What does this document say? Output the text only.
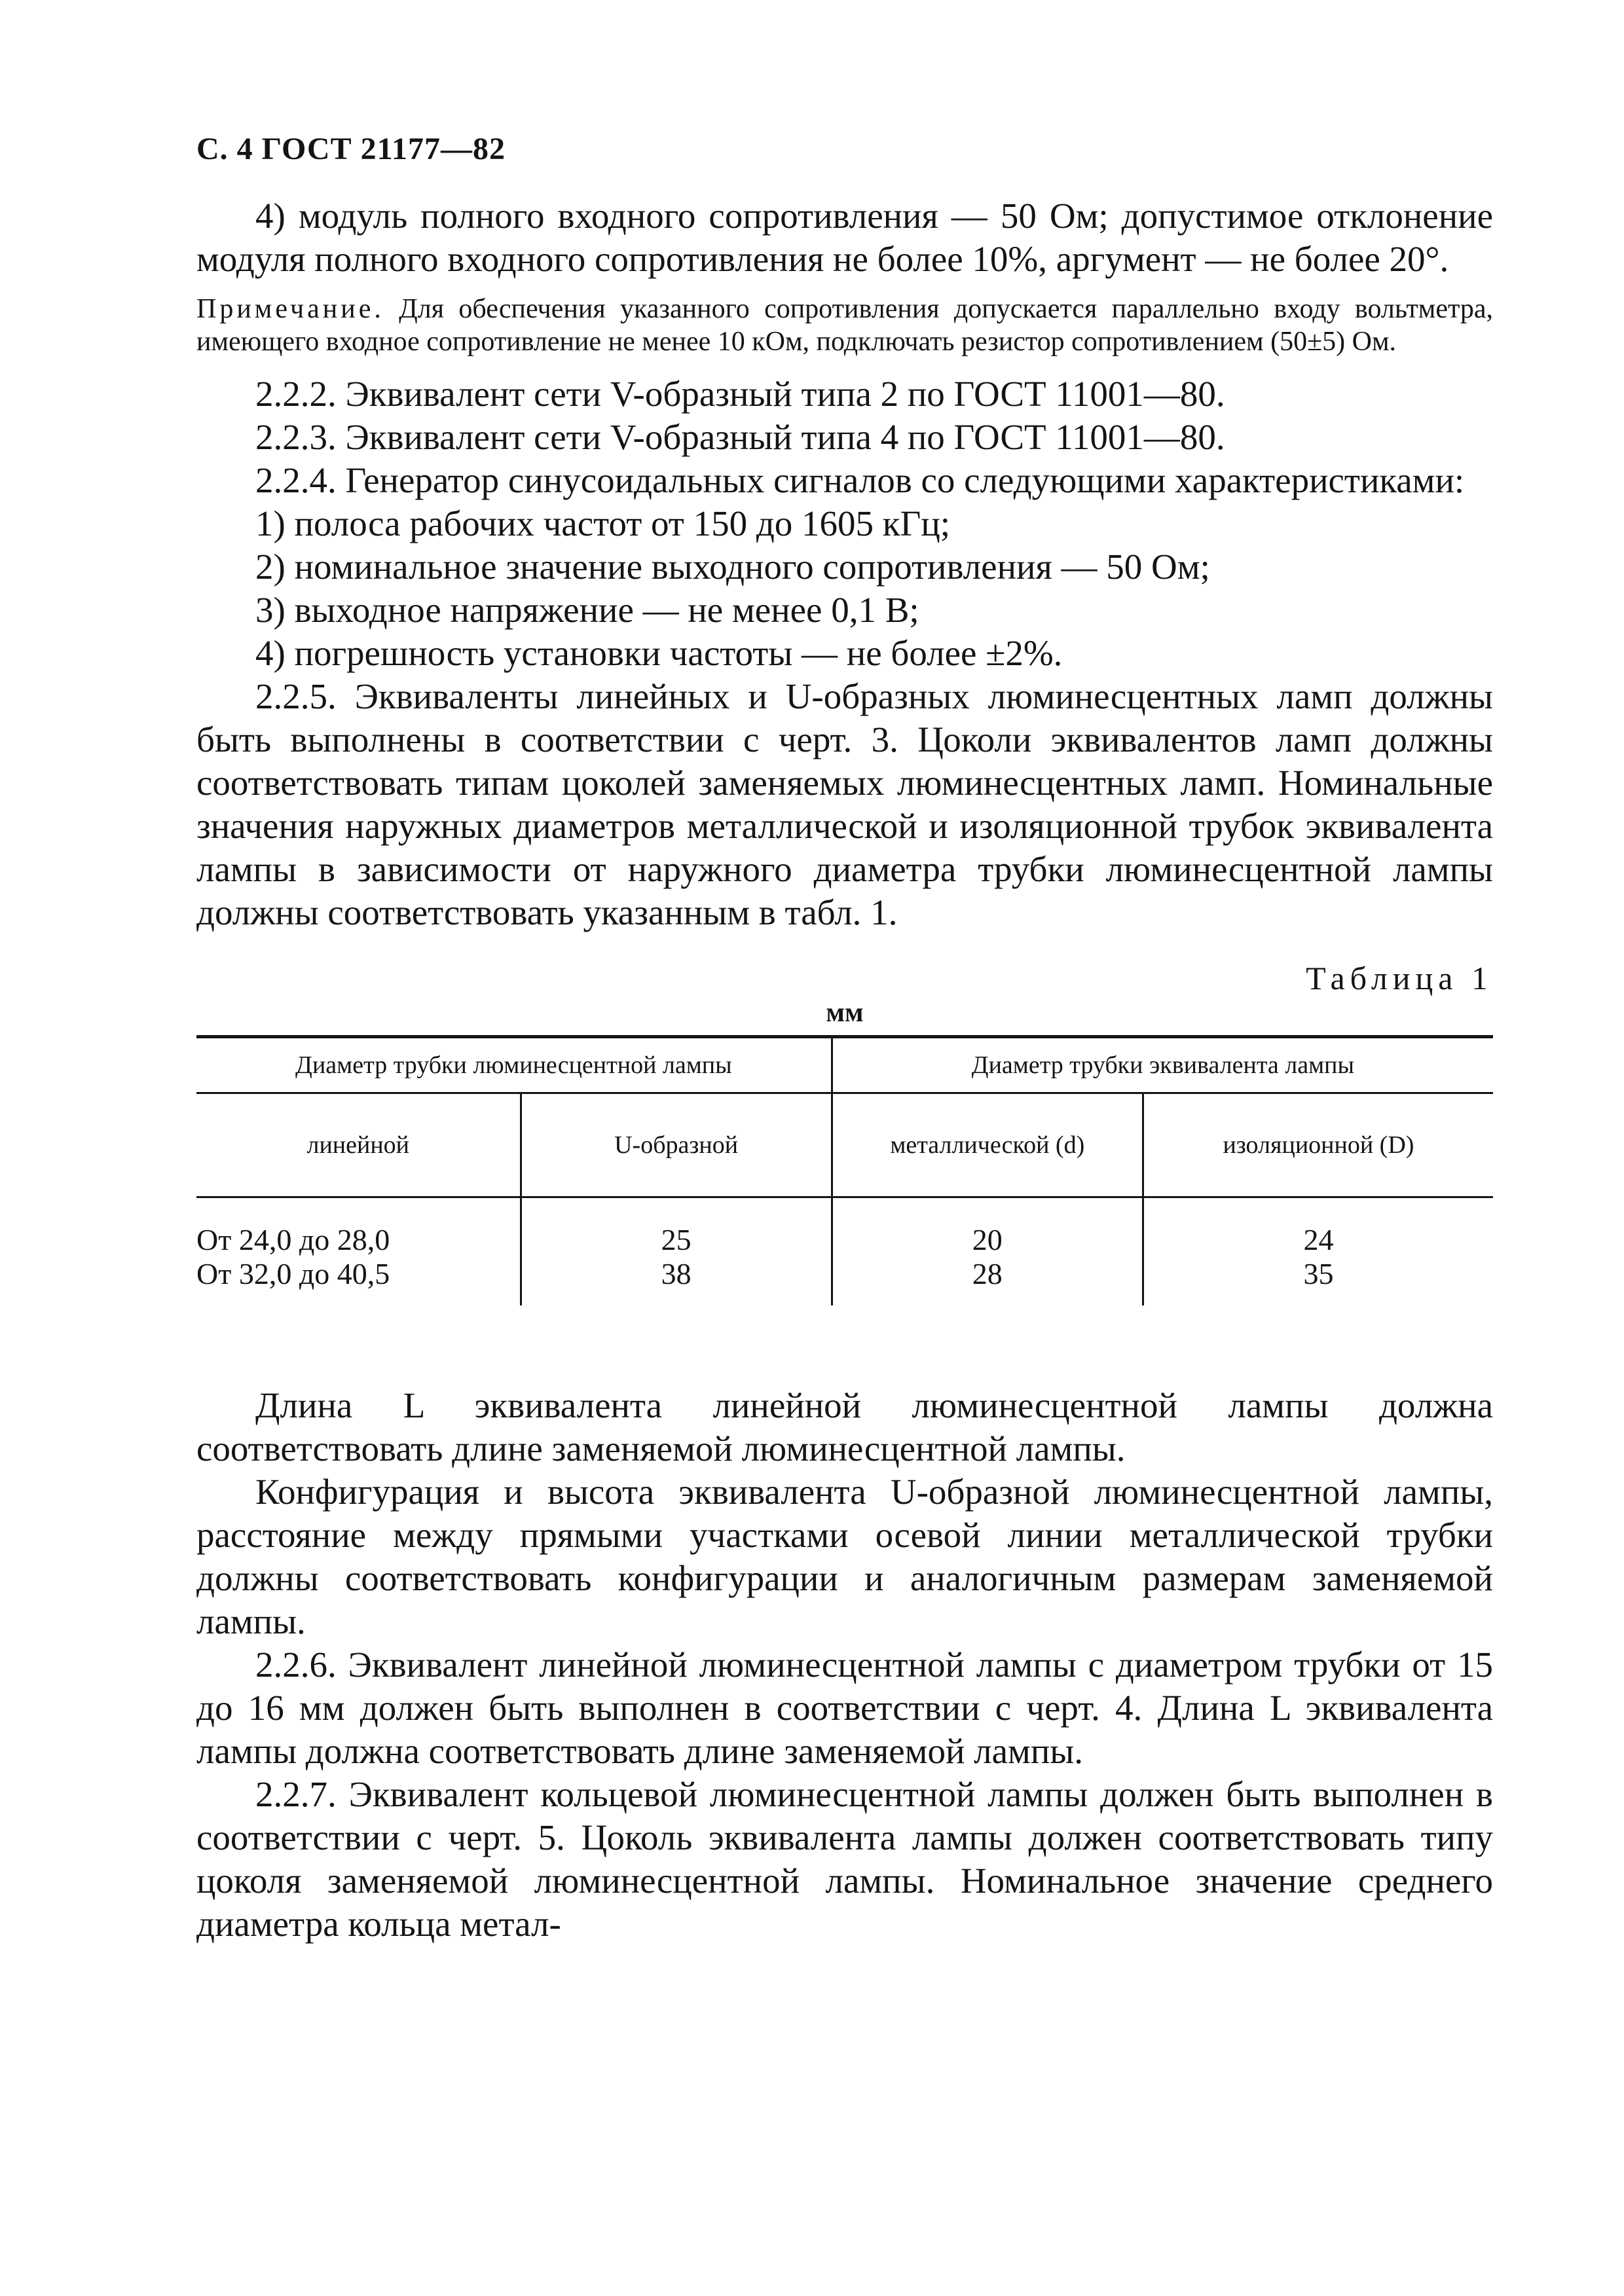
С. 4 ГОСТ 21177—82

4) модуль полного входного сопротивления — 50 Ом; допустимое отклонение модуля полного входного сопротивления не более 10%, аргумент — не более 20°.

Примечание. Для обеспечения указанного сопротивления допускается параллельно входу вольтметра, имеющего входное сопротивление не менее 10 кОм, подключать резистор сопротивлением (50±5) Ом.

2.2.2. Эквивалент сети V-образный типа 2 по ГОСТ 11001—80.

2.2.3. Эквивалент сети V-образный типа 4 по ГОСТ 11001—80.

2.2.4. Генератор синусоидальных сигналов со следующими характеристиками:

1) полоса рабочих частот от 150 до 1605 кГц;

2) номинальное значение выходного сопротивления — 50 Ом;

3) выходное напряжение — не менее 0,1 В;

4) погрешность установки частоты — не более ±2%.

2.2.5. Эквиваленты линейных и U-образных люминесцентных ламп должны быть выполнены в соответствии с черт. 3. Цоколи эквивалентов ламп должны соответствовать типам цоколей заменяемых люминесцентных ламп. Номинальные значения наружных диаметров металлической и изоляционной трубок эквивалента лампы в зависимости от наружного диаметра трубки люминесцентной лампы должны соответствовать указанным в табл. 1.

Таблица 1
мм
Диаметр трубки люминесцентной лампы		Диаметр трубки эквивалента лампы	
линейной	U-образной	металлической (d)	изоляционной (D)
От 24,0 до 28,0	25	20	24
От 32,0 до 40,5	38	28	35

Длина L эквивалента линейной люминесцентной лампы должна соответствовать длине заменяемой люминесцентной лампы.

Конфигурация и высота эквивалента U-образной люминесцентной лампы, расстояние между прямыми участками осевой линии металлической трубки должны соответствовать конфигурации и аналогичным размерам заменяемой лампы.

2.2.6. Эквивалент линейной люминесцентной лампы с диаметром трубки от 15 до 16 мм должен быть выполнен в соответствии с черт. 4. Длина L эквивалента лампы должна соответствовать длине заменяемой лампы.

2.2.7. Эквивалент кольцевой люминесцентной лампы должен быть выполнен в соответствии с черт. 5. Цоколь эквивалента лампы должен соответствовать типу цоколя заменяемой люминесцентной лампы. Номинальное значение среднего диаметра кольца метал-
